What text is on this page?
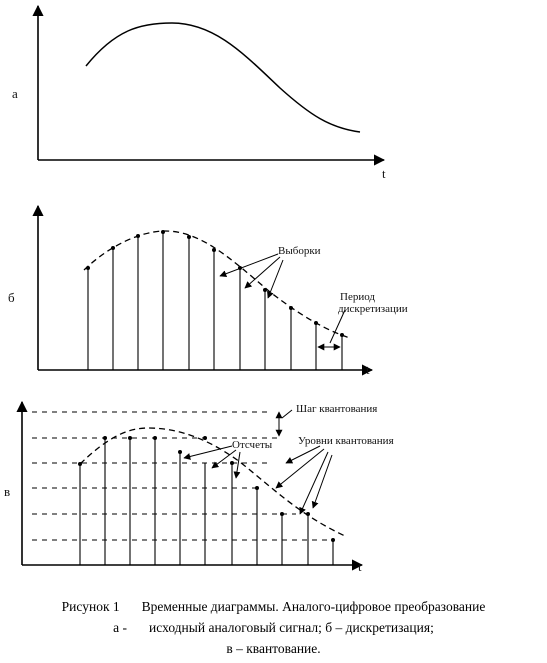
а
t
б
t
Выборки
Период
дискретизации
в
t
Шаг квантования
Отсчеты Уровни квантования
Рисунок 1 Временные диаграммы. Аналого-цифровое преобразование
а - исходный аналоговый сигнал; б – дискретизация;
в – квантование.
